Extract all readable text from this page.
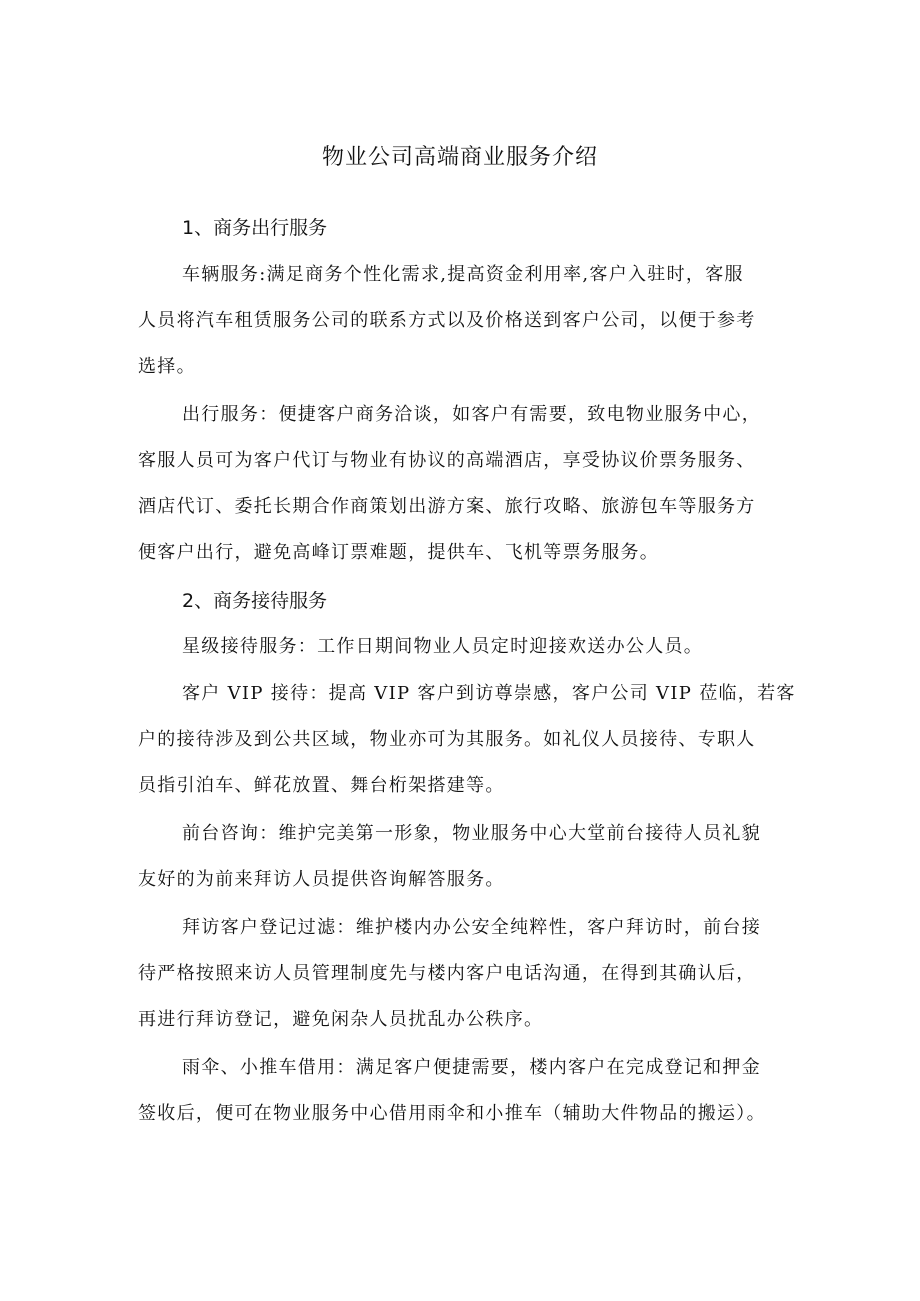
物业公司高端商业服务介绍
1、商务出行服务
车辆服务:满足商务个性化需求,提高资金利用率,客户入驻时，客服
人员将汽车租赁服务公司的联系方式以及价格送到客户公司，以便于参考
选择。
出行服务：便捷客户商务洽谈，如客户有需要，致电物业服务中心，
客服人员可为客户代订与物业有协议的高端酒店，享受协议价票务服务、
酒店代订、委托长期合作商策划出游方案、旅行攻略、旅游包车等服务方
便客户出行，避免高峰订票难题，提供车、飞机等票务服务。
2、商务接待服务
星级接待服务：工作日期间物业人员定时迎接欢送办公人员。
客户 VIP 接待：提高 VIP 客户到访尊崇感，客户公司 VIP 莅临，若客
户的接待涉及到公共区域，物业亦可为其服务。如礼仪人员接待、专职人
员指引泊车、鲜花放置、舞台桁架搭建等。
前台咨询：维护完美第一形象，物业服务中心大堂前台接待人员礼貌
友好的为前来拜访人员提供咨询解答服务。
拜访客户登记过滤：维护楼内办公安全纯粹性，客户拜访时，前台接
待严格按照来访人员管理制度先与楼内客户电话沟通，在得到其确认后，
再进行拜访登记，避免闲杂人员扰乱办公秩序。
雨伞、小推车借用：满足客户便捷需要，楼内客户在完成登记和押金
签收后，便可在物业服务中心借用雨伞和小推车（辅助大件物品的搬运）。
